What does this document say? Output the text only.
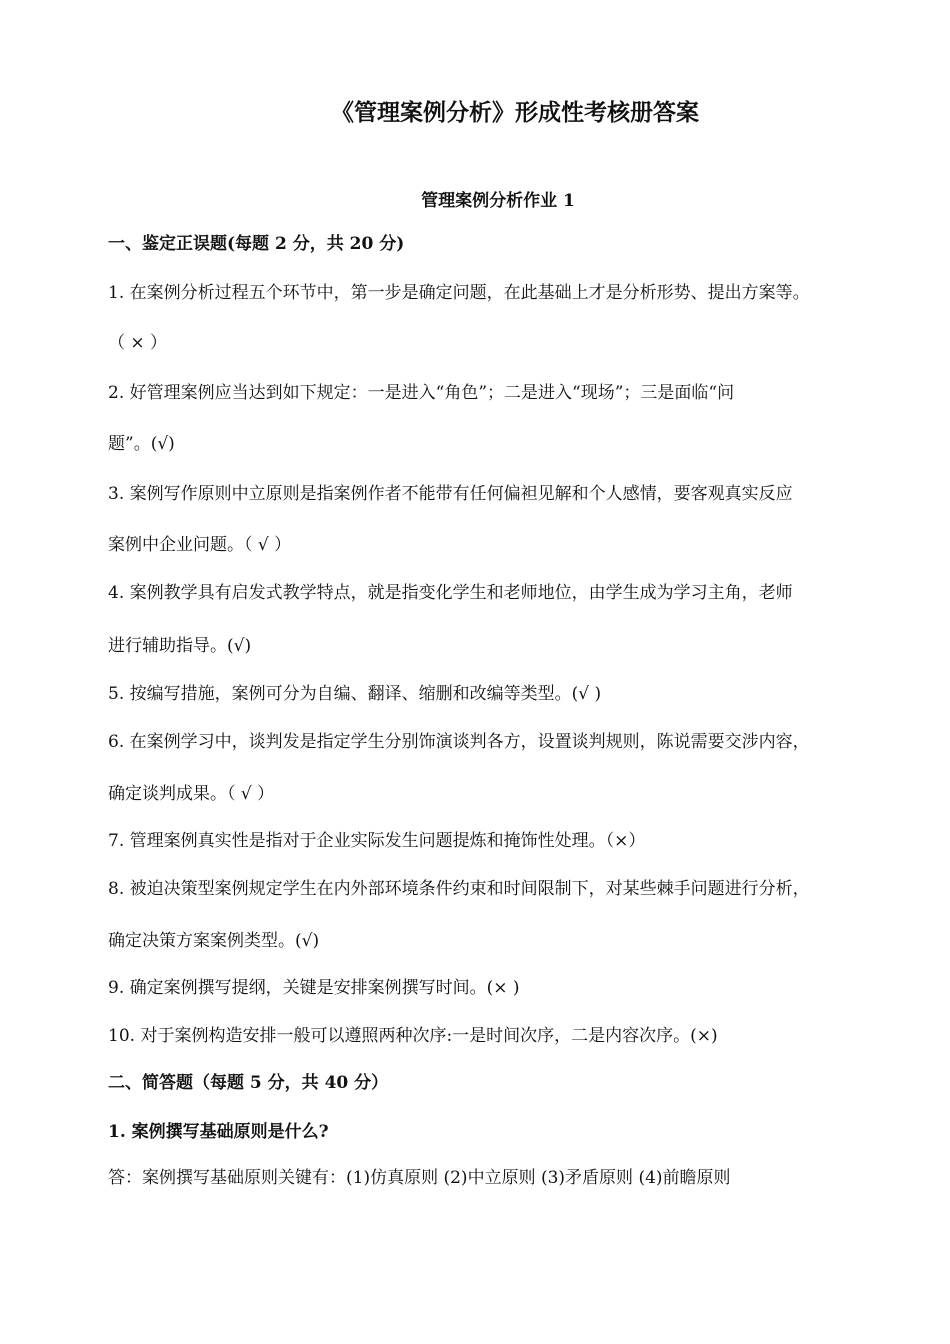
《管理案例分析》形成性考核册答案
管理案例分析作业 1
一、鉴定正误题(每题 2 分，共 20 分)
1. 在案例分析过程五个环节中，第一步是确定问题，在此基础上才是分析形势、提出方案等。
（ × ）
2. 好管理案例应当达到如下规定：一是进入“角色”；二是进入“现场”；三是面临“问
题”。(√)
3. 案例写作原则中立原则是指案例作者不能带有任何偏袒见解和个人感情，要客观真实反应
案例中企业问题。（ √ ）
4. 案例教学具有启发式教学特点，就是指变化学生和老师地位，由学生成为学习主角，老师
进行辅助指导。(√)
5. 按编写措施，案例可分为自编、翻译、缩删和改编等类型。(√ )
6. 在案例学习中，谈判发是指定学生分别饰演谈判各方，设置谈判规则，陈说需要交涉内容，
确定谈判成果。（ √ ）
7. 管理案例真实性是指对于企业实际发生问题提炼和掩饰性处理。（×）
8. 被迫决策型案例规定学生在内外部环境条件约束和时间限制下，对某些棘手问题进行分析，
确定决策方案案例类型。(√)
9. 确定案例撰写提纲，关键是安排案例撰写时间。(× )
10. 对于案例构造安排一般可以遵照两种次序:一是时间次序，二是内容次序。(×)
二、简答题（每题 5 分，共 40 分）
1. 案例撰写基础原则是什么?
答：案例撰写基础原则关键有：(1)仿真原则 (2)中立原则 (3)矛盾原则 (4)前瞻原则
